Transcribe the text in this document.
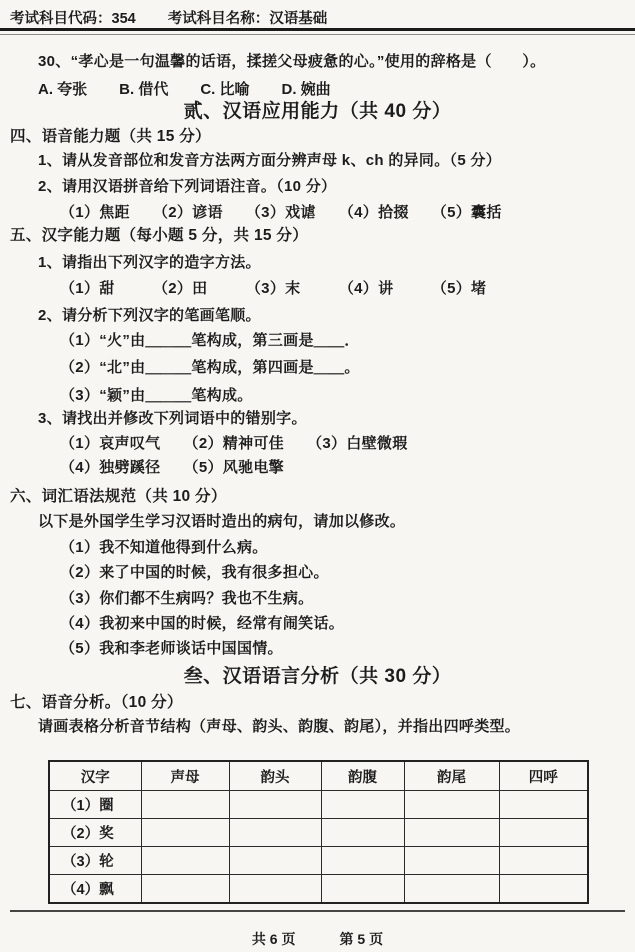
考试科目代码：354 考试科目名称：汉语基础
30、“孝心是一句温馨的话语，揉搓父母疲惫的心。”使用的辞格是（　　）。
A. 夸张 B. 借代 C. 比喻 D. 婉曲
贰、汉语应用能力（共 40 分）
四、语音能力题（共 15 分）
1、请从发音部位和发音方法两方面分辨声母 k、ch 的异同。（5 分）
2、请用汉语拼音给下列词语注音。（10 分）
（1）焦距　　（2）谚语　　（3）戏谑　　（4）拾掇　　（5）囊括
五、汉字能力题（每小题 5 分，共 15 分）
1、请指出下列汉字的造字方法。
（1）甜　　　（2）田　　　（3）末　　　（4）讲　　　（5）堵
2、请分析下列汉字的笔画笔顺。
（1）“火”由＿＿＿笔构成，第三画是＿＿．
（2）“北”由＿＿＿笔构成，第四画是＿＿。
（3）“颖”由＿＿＿笔构成。
3、请找出并修改下列词语中的错别字。
（1）哀声叹气　　（2）精神可佳　　（3）白壁微瑕
（4）独劈蹊径　　（5）风驰电擎
六、词汇语法规范（共 10 分）
以下是外国学生学习汉语时造出的病句，请加以修改。
（1）我不知道他得到什么病。
（2）来了中国的时候，我有很多担心。
（3）你们都不生病吗？我也不生病。
（4）我初来中国的时候，经常有闹笑话。
（5）我和李老师谈话中国国情。
叁、汉语语言分析（共 30 分）
七、语音分析。（10 分）
请画表格分析音节结构（声母、韵头、韵腹、韵尾），并指出四呼类型。
汉字	声母	韵头	韵腹	韵尾	四呼
（1）圈					
（2）奖					
（3）轮					
（4）飘					
共 6 页	第 5 页
